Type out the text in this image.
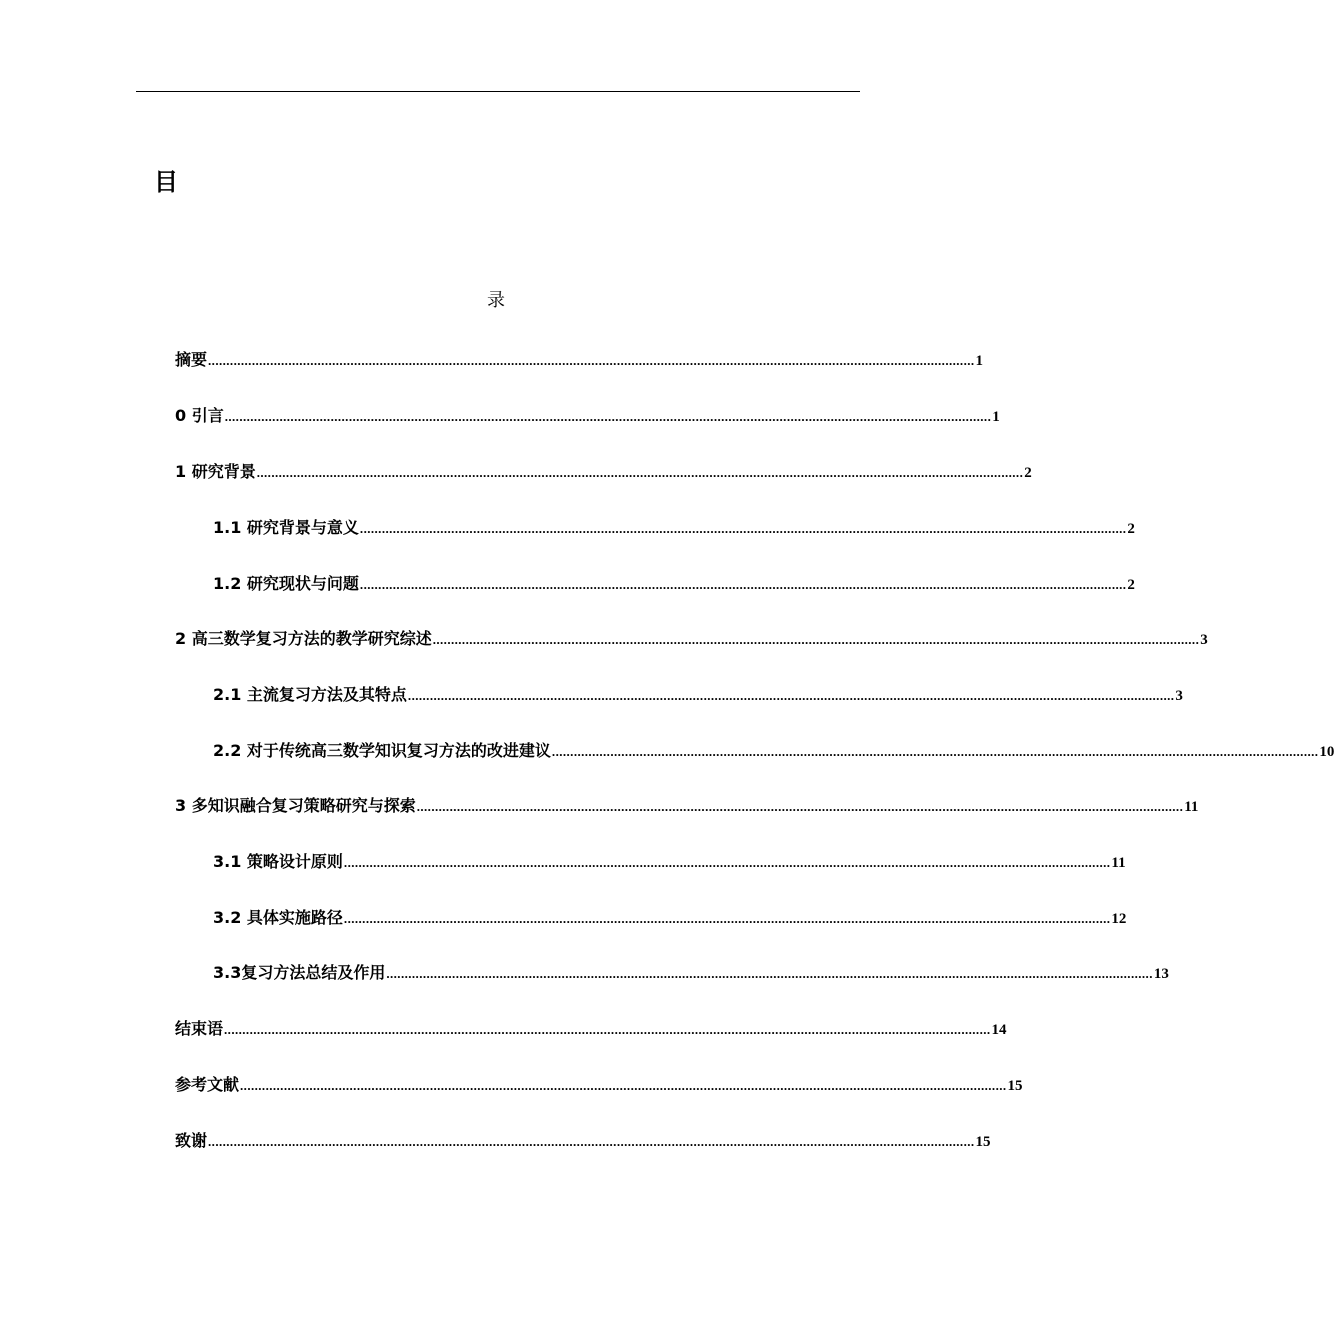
目
录
摘要 .................................................................................................................................................................................................................. 1
0 引言 .................................................................................................................................................................................................................. 1
1 研究背景 .................................................................................................................................................................................................................. 2
1.1 研究背景与意义 .................................................................................................................................................................................................................. 2
1.2 研究现状与问题 .................................................................................................................................................................................................................. 2
2 高三数学复习方法的教学研究综述 .................................................................................................................................................................................................................. 3
2.1 主流复习方法及其特点 .................................................................................................................................................................................................................. 3
2.2 对于传统高三数学知识复习方法的改进建议 .................................................................................................................................................................................................................. 10
3 多知识融合复习策略研究与探索 .................................................................................................................................................................................................................. 11
3.1 策略设计原则 .................................................................................................................................................................................................................. 11
3.2 具体实施路径 .................................................................................................................................................................................................................. 12
3.3复习方法总结及作用 .................................................................................................................................................................................................................. 13
结束语 .................................................................................................................................................................................................................. 14
参考文献 .................................................................................................................................................................................................................. 15
致谢 .................................................................................................................................................................................................................. 15
